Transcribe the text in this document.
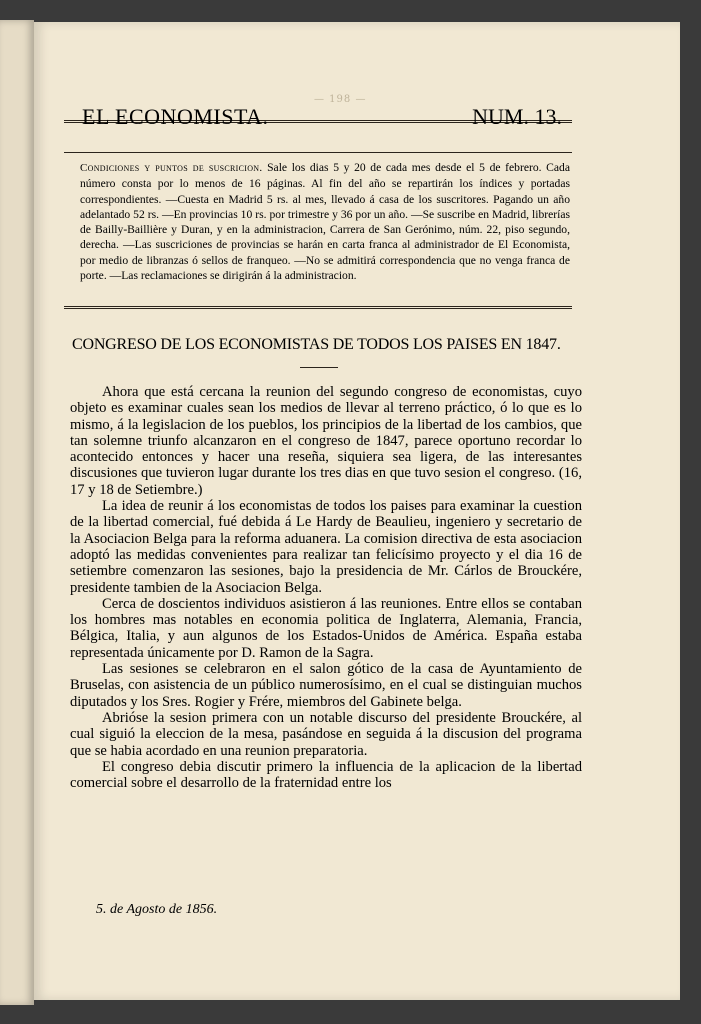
— 198 —
EL ECONOMISTA.	NUM. 13.
Condiciones y puntos de suscricion. Sale los dias 5 y 20 de cada mes desde el 5 de febrero. Cada número consta por lo menos de 16 páginas. Al fin del año se repartirán los índices y portadas correspondientes. —Cuesta en Madrid 5 rs. al mes, llevado á casa de los suscritores. Pagando un año adelantado 52 rs. —En provincias 10 rs. por trimestre y 36 por un año. —Se suscribe en Madrid, librerías de Bailly-Baillière y Duran, y en la administracion, Carrera de San Gerónimo, núm. 22, piso segundo, derecha. —Las suscriciones de provincias se harán en carta franca al administrador de El Economista, por medio de libranzas ó sellos de franqueo. —No se admitirá correspondencia que no venga franca de porte. —Las reclamaciones se dirigirán á la administracion.
CONGRESO DE LOS ECONOMISTAS DE TODOS LOS PAISES EN 1847.

Ahora que está cercana la reunion del segundo congreso de economistas, cuyo objeto es examinar cuales sean los medios de llevar al terreno práctico, ó lo que es lo mismo, á la legislacion de los pueblos, los principios de la libertad de los cambios, que tan solemne triunfo alcanzaron en el congreso de 1847, parece oportuno recordar lo acontecido entonces y hacer una reseña, siquiera sea ligera, de las interesantes discusiones que tuvieron lugar durante los tres dias en que tuvo sesion el congreso. (16, 17 y 18 de Setiembre.)

La idea de reunir á los economistas de todos los paises para examinar la cuestion de la libertad comercial, fué debida á Le Hardy de Beaulieu, ingeniero y secretario de la Asociacion Belga para la reforma aduanera. La comision directiva de esta asociacion adoptó las medidas convenientes para realizar tan felicísimo proyecto y el dia 16 de setiembre comenzaron las sesiones, bajo la presidencia de Mr. Cárlos de Brouckére, presidente tambien de la Asociacion Belga.

Cerca de doscientos individuos asistieron á las reuniones. Entre ellos se contaban los hombres mas notables en economia politica de Inglaterra, Alemania, Francia, Bélgica, Italia, y aun algunos de los Estados-Unidos de América. España estaba representada únicamente por D. Ramon de la Sagra.

Las sesiones se celebraron en el salon gótico de la casa de Ayuntamiento de Bruselas, con asistencia de un público numerosísimo, en el cual se distinguian muchos diputados y los Sres. Rogier y Frére, miembros del Gabinete belga.

Abrióse la sesion primera con un notable discurso del presidente Brouckére, al cual siguió la eleccion de la mesa, pasándose en seguida á la discusion del programa que se habia acordado en una reunion preparatoria.

El congreso debia discutir primero la influencia de la aplicacion de la libertad comercial sobre el desarrollo de la fraternidad entre los

5. de Agosto de 1856.
